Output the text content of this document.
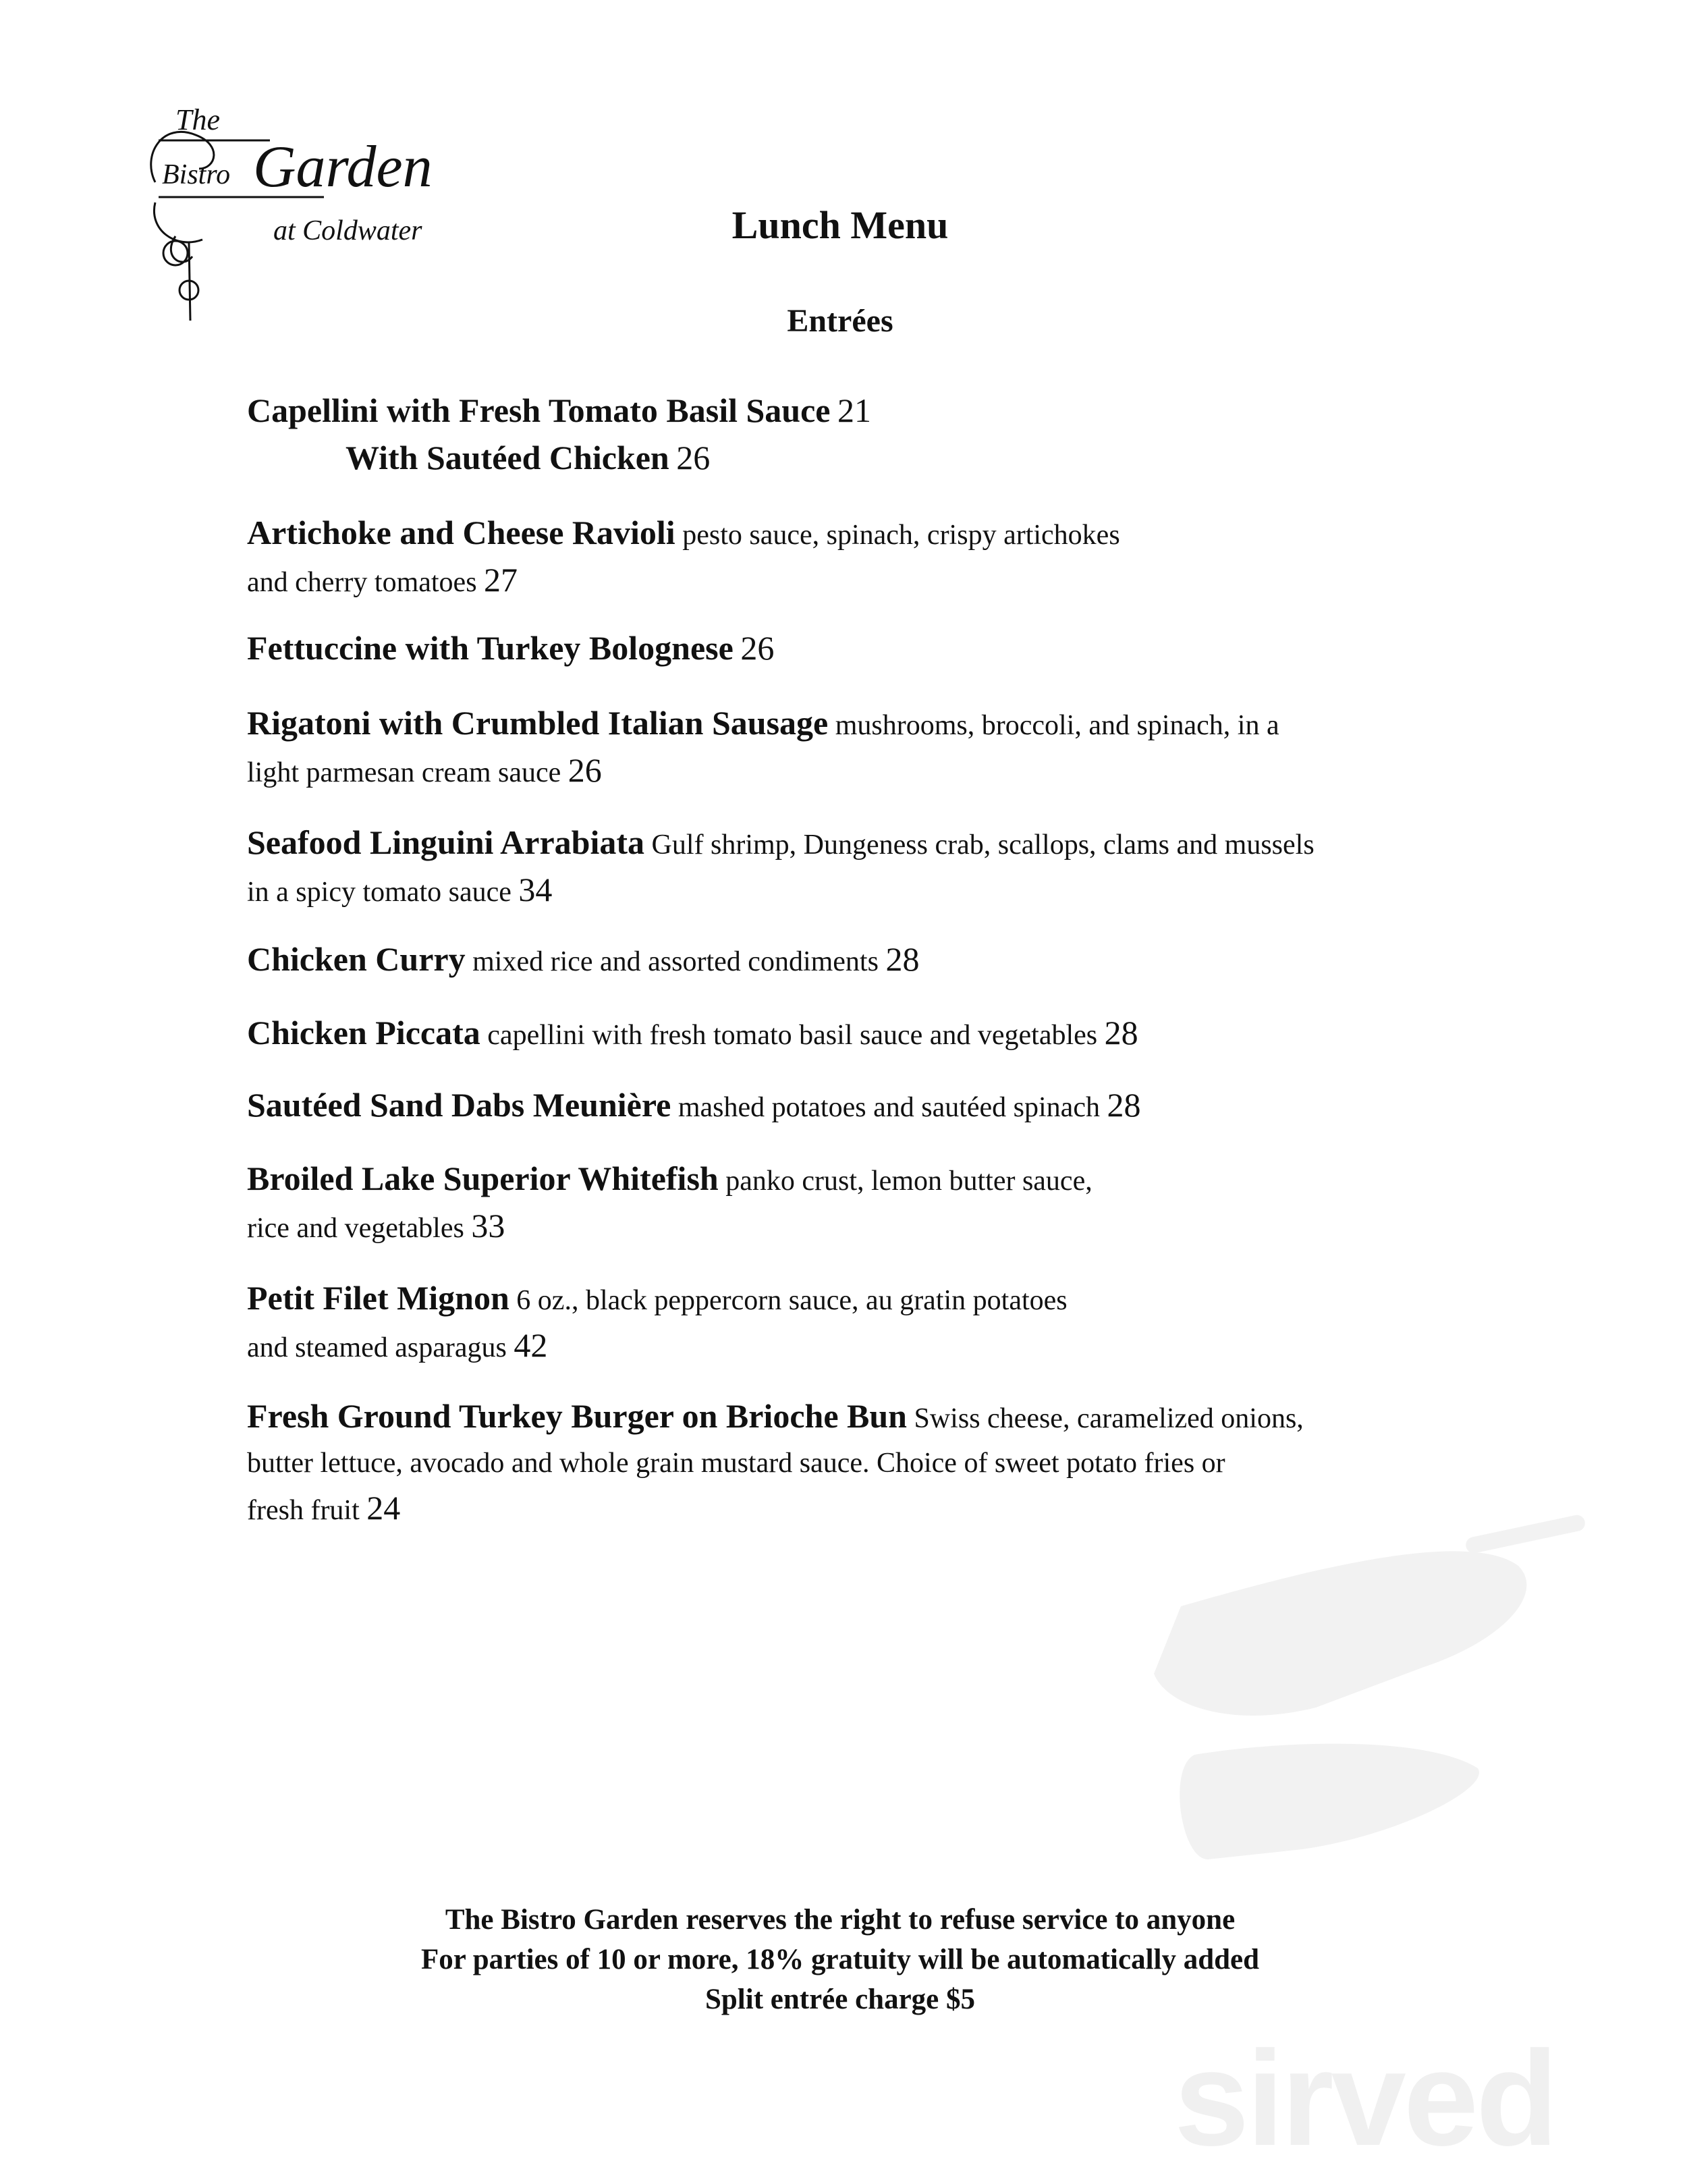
The
Bistro Garden
at Coldwater	Lunch Menu
Entrées
Capellini with Fresh Tomato Basil Sauce 21
With Sautéed Chicken 26
Artichoke and Cheese Ravioli pesto sauce, spinach, crispy artichokes
and cherry tomatoes 27
Fettuccine with Turkey Bolognese 26
Rigatoni with Crumbled Italian Sausage mushrooms, broccoli, and spinach, in a
light parmesan cream sauce 26
Seafood Linguini Arrabiata Gulf shrimp, Dungeness crab, scallops, clams and mussels
in a spicy tomato sauce 34
Chicken Curry mixed rice and assorted condiments 28
Chicken Piccata capellini with fresh tomato basil sauce and vegetables 28
Sautéed Sand Dabs Meunière mashed potatoes and sautéed spinach 28
Broiled Lake Superior Whitefish panko crust, lemon butter sauce,
rice and vegetables 33
Petit Filet Mignon 6 oz., black peppercorn sauce, au gratin potatoes
and steamed asparagus 42
Fresh Ground Turkey Burger on Brioche Bun Swiss cheese, caramelized onions,
butter lettuce, avocado and whole grain mustard sauce. Choice of sweet potato fries or
fresh fruit 24
sirved
The Bistro Garden reserves the right to refuse service to anyone
For parties of 10 or more, 18% gratuity will be automatically added
Split entrée charge $5
